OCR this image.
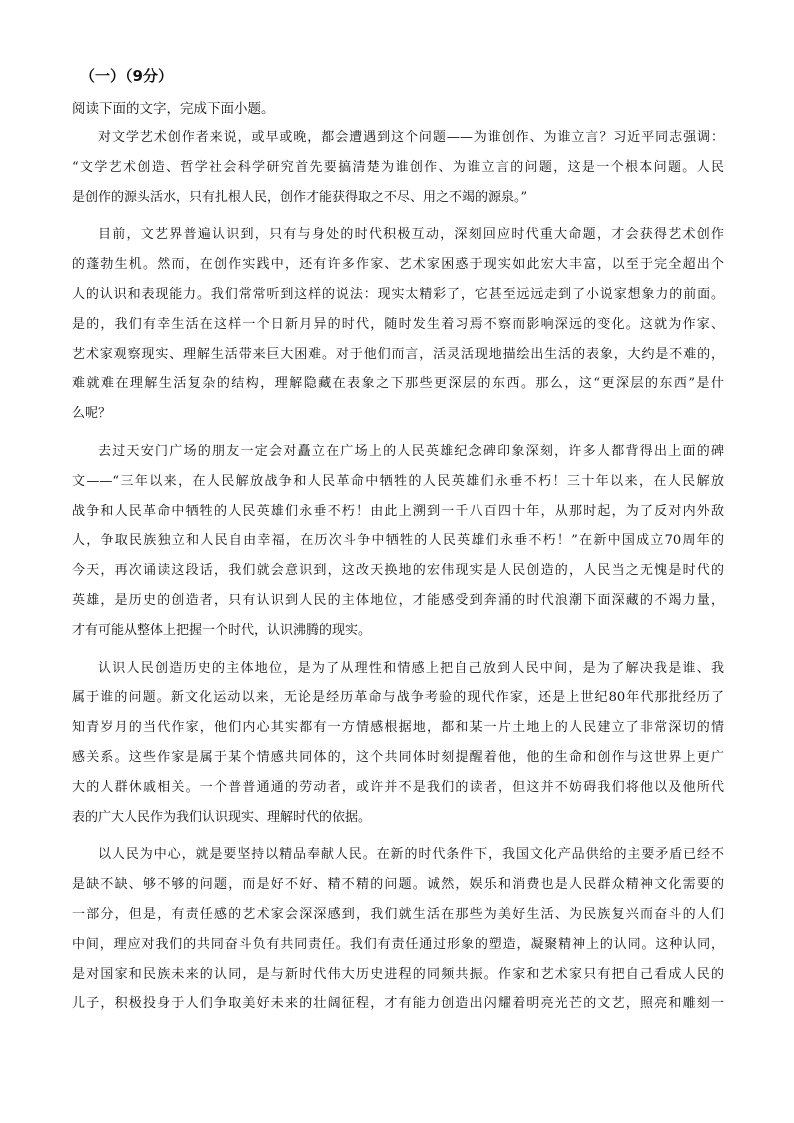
（一）（9分）
阅读下面的文字，完成下面小题。
对文学艺术创作者来说，或早或晚，都会遭遇到这个问题——为谁创作、为谁立言？习近平同志强调：
“文学艺术创造、哲学社会科学研究首先要搞清楚为谁创作、为谁立言的问题，这是一个根本问题。人民
是创作的源头活水，只有扎根人民，创作才能获得取之不尽、用之不竭的源泉。”
目前，文艺界普遍认识到，只有与身处的时代积极互动，深刻回应时代重大命题，才会获得艺术创作
的蓬勃生机。然而，在创作实践中，还有许多作家、艺术家困惑于现实如此宏大丰富，以至于完全超出个
人的认识和表现能力。我们常常听到这样的说法：现实太精彩了，它甚至远远走到了小说家想象力的前面。
是的，我们有幸生活在这样一个日新月异的时代，随时发生着习焉不察而影响深远的变化。这就为作家、
艺术家观察现实、理解生活带来巨大困难。对于他们而言，活灵活现地描绘出生活的表象，大约是不难的，
难就难在理解生活复杂的结构，理解隐藏在表象之下那些更深层的东西。那么，这“更深层的东西”是什
么呢？
去过天安门广场的朋友一定会对矗立在广场上的人民英雄纪念碑印象深刻，许多人都背得出上面的碑
文——“三年以来，在人民解放战争和人民革命中牺牲的人民英雄们永垂不朽！三十年以来，在人民解放
战争和人民革命中牺牲的人民英雄们永垂不朽！由此上溯到一千八百四十年，从那时起，为了反对内外敌
人，争取民族独立和人民自由幸福，在历次斗争中牺牲的人民英雄们永垂不朽！”在新中国成立70周年的
今天，再次诵读这段话，我们就会意识到，这改天换地的宏伟现实是人民创造的，人民当之无愧是时代的
英雄，是历史的创造者，只有认识到人民的主体地位，才能感受到奔涌的时代浪潮下面深藏的不竭力量，
才有可能从整体上把握一个时代，认识沸腾的现实。
认识人民创造历史的主体地位，是为了从理性和情感上把自己放到人民中间，是为了解决我是谁、我
属于谁的问题。新文化运动以来，无论是经历革命与战争考验的现代作家，还是上世纪80年代那批经历了
知青岁月的当代作家，他们内心其实都有一方情感根据地，都和某一片土地上的人民建立了非常深切的情
感关系。这些作家是属于某个情感共同体的，这个共同体时刻提醒着他，他的生命和创作与这世界上更广
大的人群休戚相关。一个普普通通的劳动者，或许并不是我们的读者，但这并不妨碍我们将他以及他所代
表的广大人民作为我们认识现实、理解时代的依据。
以人民为中心，就是要坚持以精品奉献人民。在新的时代条件下，我国文化产品供给的主要矛盾已经不
是缺不缺、够不够的问题，而是好不好、精不精的问题。诚然，娱乐和消费也是人民群众精神文化需要的
一部分，但是，有责任感的艺术家会深深感到，我们就生活在那些为美好生活、为民族复兴而奋斗的人们
中间，理应对我们的共同奋斗负有共同责任。我们有责任通过形象的塑造，凝聚精神上的认同。这种认同，
是对国家和民族未来的认同，是与新时代伟大历史进程的同频共振。作家和艺术家只有把自己看成人民的
儿子，积极投身于人们争取美好未来的壮阔征程，才有能力创造出闪耀着明亮光芒的文艺，照亮和雕刻一
